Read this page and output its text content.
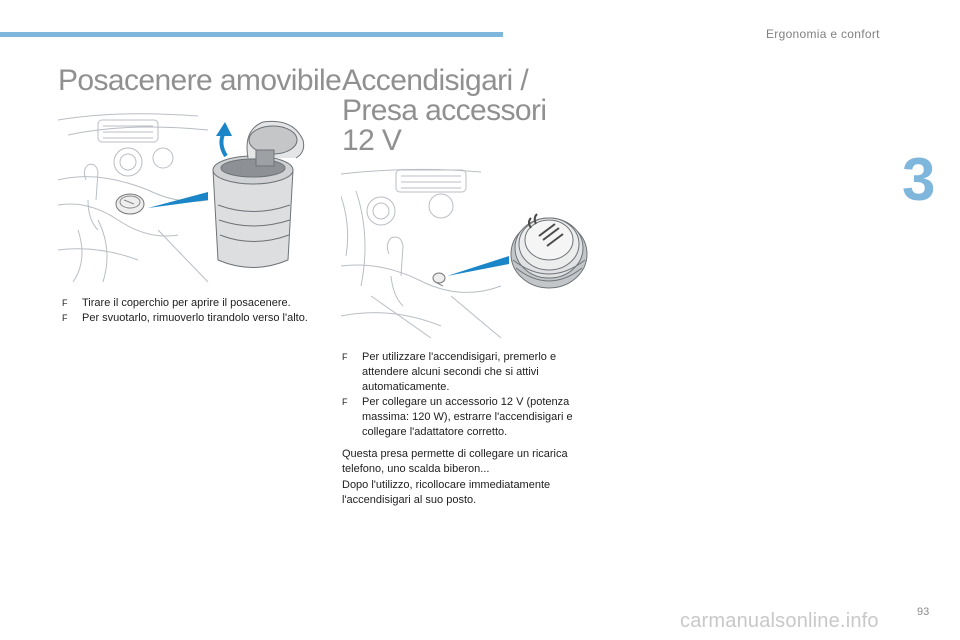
Ergonomia e confort
3
Posacenere amovibile
F Tirare il coperchio per aprire il posacenere.
F Per svuotarlo, rimuoverlo tirandolo verso l'alto.
Accendisigari /
Presa accessori
12 V
F Per utilizzare l'accendisigari, premerlo e attendere alcuni secondi che si attivi automaticamente.
F Per collegare un accessorio 12 V (potenza massima: 120 W), estrarre l'accendisigari e collegare l'adattatore corretto.

Questa presa permette di collegare un ricarica telefono, uno scalda biberon...

Dopo l'utilizzo, ricollocare immediatamente l'accendisigari al suo posto.

carmanualsonline.info	93
